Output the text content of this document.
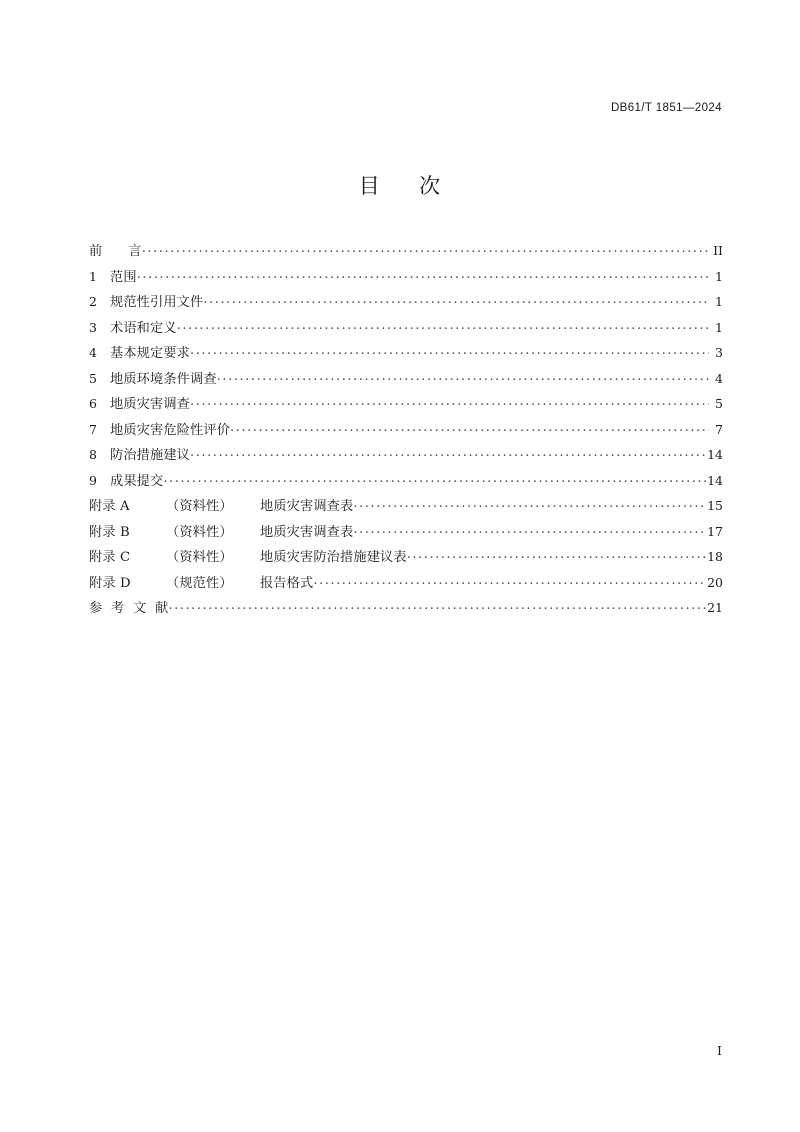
DB61/T 1851—2024
目     次
前      言 .....	II
1 范围 .....	1
2 规范性引用文件 .....	1
3 术语和定义 .....	1
4 基本规定要求 .....	3
5 地质环境条件调查 .....	4
6 地质灾害调查 .....	5
7 地质灾害危险性评价 .....	7
8 防治措施建议 .....	14
9 成果提交 .....	14
附录 A	（资料性）	地质灾害调查表 .....	15
附录 B	（资料性）	地质灾害调查表 .....	17
附录 C	（资料性）	地质灾害防治措施建议表 .....	18
附录 D	（规范性）	报告格式 .....	20
参  考  文  献 .....	21
I
